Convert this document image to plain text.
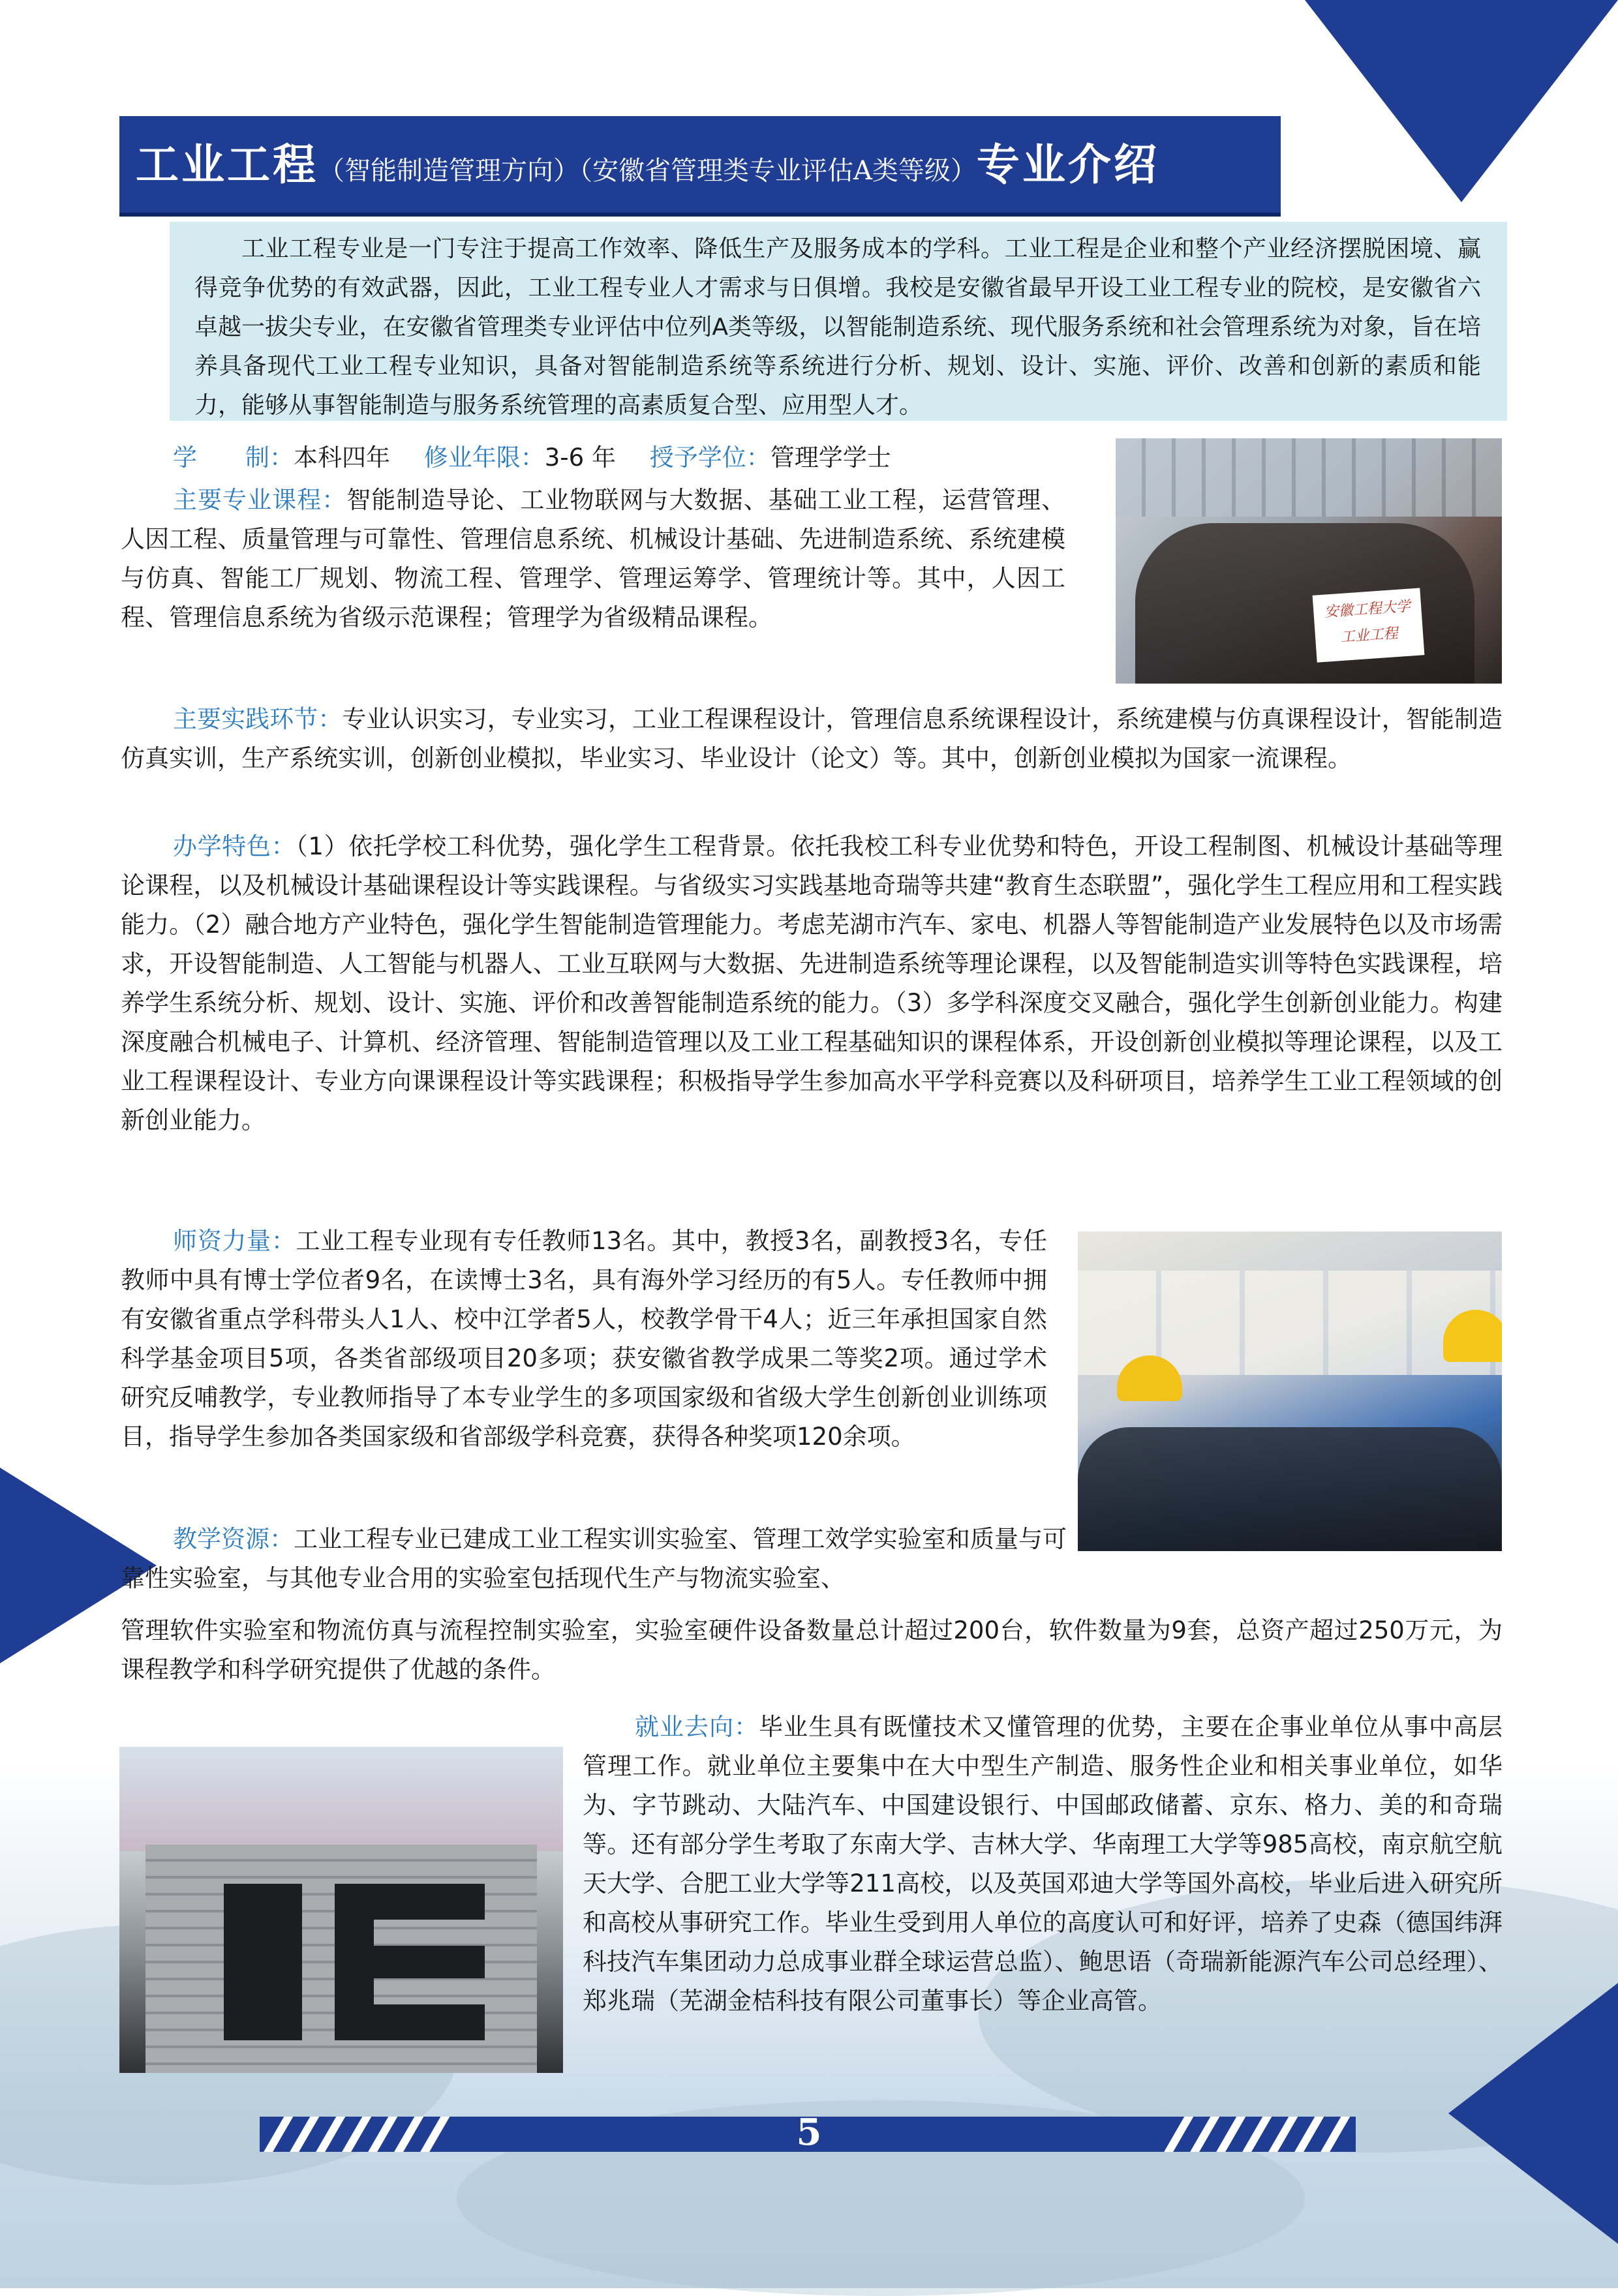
工业工程（智能制造管理方向）（安徽省管理类专业评估A类等级）专业介绍

工业工程专业是一门专注于提高工作效率、降低生产及服务成本的学科。工业工程是企业和整个产业经济摆脱困境、赢得竞争优势的有效武器，因此，工业工程专业人才需求与日俱增。我校是安徽省最早开设工业工程专业的院校，是安徽省六卓越一拔尖专业，在安徽省管理类专业评估中位列A类等级，以智能制造系统、现代服务系统和社会管理系统为对象，旨在培养具备现代工业工程专业知识，具备对智能制造系统等系统进行分析、规划、设计、实施、评价、改善和创新的素质和能力，能够从事智能制造与服务系统管理的高素质复合型、应用型人才。

学　　制：本科四年 修业年限：3-6 年 授予学位：管理学学士

主要专业课程：智能制造导论、工业物联网与大数据、基础工业工程，运营管理、人因工程、质量管理与可靠性、管理信息系统、机械设计基础、先进制造系统、系统建模与仿真、智能工厂规划、物流工程、管理学、管理运筹学、管理统计等。其中，人因工程、管理信息系统为省级示范课程；管理学为省级精品课程。	安徽工程大学
工业工程

主要实践环节：专业认识实习，专业实习，工业工程课程设计，管理信息系统课程设计，系统建模与仿真课程设计，智能制造仿真实训，生产系统实训，创新创业模拟，毕业实习、毕业设计（论文）等。其中，创新创业模拟为国家一流课程。

办学特色：（1）依托学校工科优势，强化学生工程背景。依托我校工科专业优势和特色，开设工程制图、机械设计基础等理论课程，以及机械设计基础课程设计等实践课程。与省级实习实践基地奇瑞等共建“教育生态联盟”，强化学生工程应用和工程实践能力。（2）融合地方产业特色，强化学生智能制造管理能力。考虑芜湖市汽车、家电、机器人等智能制造产业发展特色以及市场需求，开设智能制造、人工智能与机器人、工业互联网与大数据、先进制造系统等理论课程，以及智能制造实训等特色实践课程，培养学生系统分析、规划、设计、实施、评价和改善智能制造系统的能力。（3）多学科深度交叉融合，强化学生创新创业能力。构建深度融合机械电子、计算机、经济管理、智能制造管理以及工业工程基础知识的课程体系，开设创新创业模拟等理论课程，以及工业工程课程设计、专业方向课课程设计等实践课程；积极指导学生参加高水平学科竞赛以及科研项目，培养学生工业工程领域的创新创业能力。

师资力量：工业工程专业现有专任教师13名。其中，教授3名，副教授3名，专任教师中具有博士学位者9名，在读博士3名，具有海外学习经历的有5人。专任教师中拥有安徽省重点学科带头人1人、校中江学者5人，校教学骨干4人；近三年承担国家自然科学基金项目5项，各类省部级项目20多项；获安徽省教学成果二等奖2项。通过学术研究反哺教学，专业教师指导了本专业学生的多项国家级和省级大学生创新创业训练项目，指导学生参加各类国家级和省部级学科竞赛，获得各种奖项120余项。

教学资源：工业工程专业已建成工业工程实训实验室、管理工效学实验室和质量与可靠性实验室，与其他专业合用的实验室包括现代生产与物流实验室、

管理软件实验室和物流仿真与流程控制实验室，实验室硬件设备数量总计超过200台，软件数量为9套，总资产超过250万元，为课程教学和科学研究提供了优越的条件。

就业去向：毕业生具有既懂技术又懂管理的优势，主要在企事业单位从事中高层管理工作。就业单位主要集中在大中型生产制造、服务性企业和相关事业单位，如华为、字节跳动、大陆汽车、中国建设银行、中国邮政储蓄、京东、格力、美的和奇瑞等。还有部分学生考取了东南大学、吉林大学、华南理工大学等985高校，南京航空航天大学、合肥工业大学等211高校，以及英国邓迪大学等国外高校，毕业后进入研究所和高校从事研究工作。毕业生受到用人单位的高度认可和好评，培养了史森（德国纬湃科技汽车集团动力总成事业群全球运营总监）、鲍思语（奇瑞新能源汽车公司总经理）、郑兆瑞（芜湖金桔科技有限公司董事长）等企业高管。

5
